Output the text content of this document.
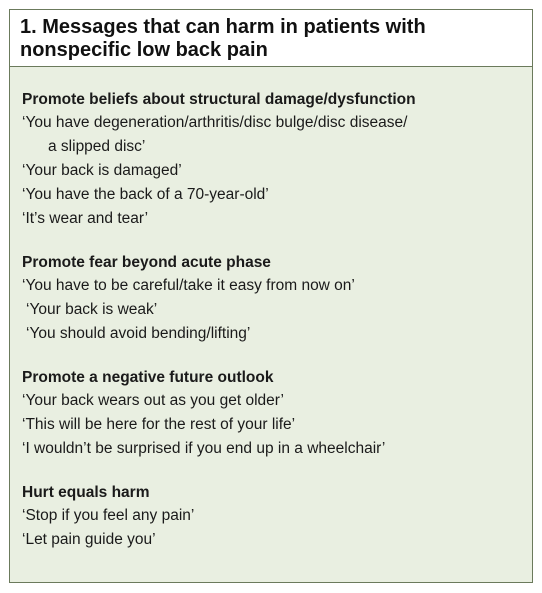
1. Messages that can harm in patients with
nonspecific low back pain
Promote beliefs about structural damage/dysfunction
‘You have degeneration/arthritis/disc bulge/disc disease/
a slipped disc’
‘Your back is damaged’
‘You have the back of a 70-year-old’
‘It’s wear and tear’
Promote fear beyond acute phase
‘You have to be careful/take it easy from now on’
‘Your back is weak’
‘You should avoid bending/lifting’
Promote a negative future outlook
‘Your back wears out as you get older’
‘This will be here for the rest of your life’
‘I wouldn’t be surprised if you end up in a wheelchair’
Hurt equals harm
‘Stop if you feel any pain’
‘Let pain guide you’
